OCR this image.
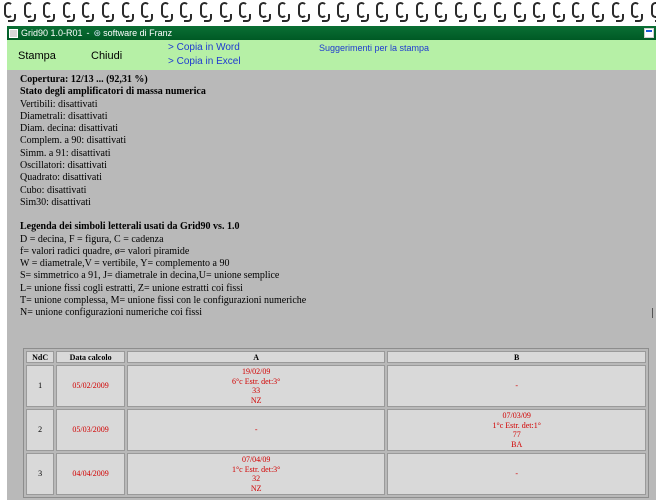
Grid90 1.0-R01 - ⊛ software di Franz
Stampa	Chiudi
> Copia in Word
> Copia in Excel
Suggerimenti per la stampa
Copertura: 12/13 ... (92,31 %)
Stato degli amplificatori di massa numerica
Vertibili: disattivati
Diametrali: disattivati
Diam. decina: disattivati
Complem. a 90: disattivati
Simm. a 91: disattivati
Oscillatori: disattivati
Quadrato: disattivati
Cubo: disattivati
Sim30: disattivati
Legenda dei simboli letterali usati da Grid90 vs. 1.0
D = decina, F = figura, C = cadenza
f= valori radici quadre, ø= valori piramide
W = diametrale,V = vertibile, Y= complemento a 90
S= simmetrico a 91, J= diametrale in decina,U= unione semplice
L= unione fissi cogli estratti, Z= unione estratti coi fissi
T= unione complessa, M= unione fissi con le configurazioni numeriche
N= unione configurazioni numeriche coi fissi
NdC	Data calcolo	A	B
1	05/02/2009	19/02/09
6°c Estr. det:3°
33
NZ	-

2	05/03/2009	-	07/03/09
1°c Estr. det:1°
77
BA

3	04/04/2009	07/04/09
1°c Estr. det:3°
32
NZ	-
